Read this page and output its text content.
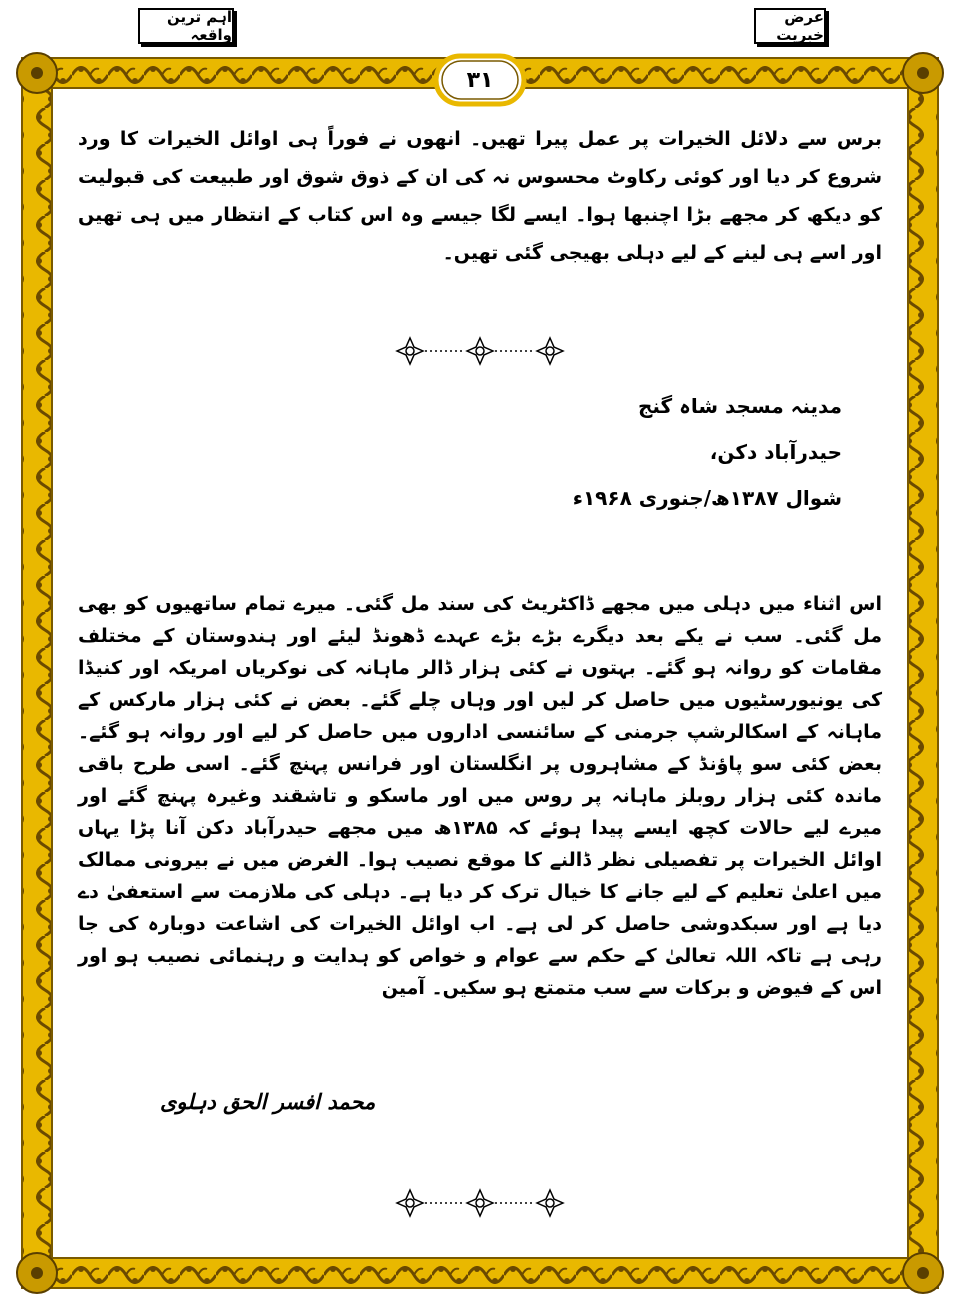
اہم ترین واقعہ
عرض خبریت
۳۱

برس سے دلائل الخیرات پر عمل پیرا تھیں۔ انھوں نے فوراً ہی اوائل الخیرات کا ورد شروع کر دیا اور کوئی رکاوٹ محسوس نہ کی ان کے ذوق شوق اور طبیعت کی قبولیت کو دیکھ کر مجھے بڑا اچنبھا ہوا۔ ایسے لگا جیسے وہ اس کتاب کے انتظار میں ہی تھیں اور اسے ہی لینے کے لیے دہلی بھیجی گئی تھیں۔

مدینہ مسجد شاہ گنج
حیدرآباد دکن،
شوال ۱۳۸۷ھ/جنوری ۱۹۶۸ء

اس اثناء میں دہلی میں مجھے ڈاکٹریٹ کی سند مل گئی۔ میرے تمام ساتھیوں کو بھی مل گئی۔ سب نے یکے بعد دیگرے بڑے بڑے عہدے ڈھونڈ لیئے اور ہندوستان کے مختلف مقامات کو روانہ ہو گئے۔ بہتوں نے کئی ہزار ڈالر ماہانہ کی نوکریاں امریکہ اور کنیڈا کی یونیورسٹیوں میں حاصل کر لیں اور وہاں چلے گئے۔ بعض نے کئی ہزار مارکس کے ماہانہ کے اسکالرشپ جرمنی کے سائنسی اداروں میں حاصل کر لیے اور روانہ ہو گئے۔ بعض کئی سو پاؤنڈ کے مشاہروں پر انگلستان اور فرانس پہنچ گئے۔ اسی طرح باقی ماندہ کئی ہزار روبلز ماہانہ پر روس میں اور ماسکو و تاشقند وغیرہ پہنچ گئے اور میرے لیے حالات کچھ ایسے پیدا ہوئے کہ ۱۳۸۵ھ میں مجھے حیدرآباد دکن آنا پڑا یہاں اوائل الخیرات پر تفصیلی نظر ڈالنے کا موقع نصیب ہوا۔ الغرض میں نے بیرونی ممالک میں اعلیٰ تعلیم کے لیے جانے کا خیال ترک کر دیا ہے۔ دہلی کی ملازمت سے استعفیٰ دے دیا ہے اور سبکدوشی حاصل کر لی ہے۔ اب اوائل الخیرات کی اشاعت دوبارہ کی جا رہی ہے تاکہ اللہ تعالیٰ کے حکم سے عوام و خواص کو ہدایت و رہنمائی نصیب ہو اور اس کے فیوض و برکات سے سب متمتع ہو سکیں۔ آمین

محمد افسر الحق دہلوی
